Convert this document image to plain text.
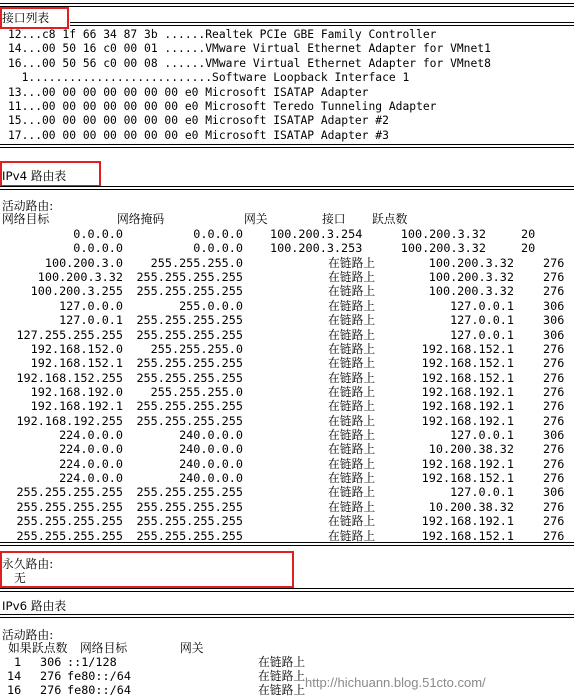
接口列表
12...c8 1f 66 34 87 3b ......Realtek PCIe GBE Family Controller
14...00 50 16 c0 00 01 ......VMware Virtual Ethernet Adapter for VMnet1
16...00 50 56 c0 00 08 ......VMware Virtual Ethernet Adapter for VMnet8
1...........................Software Loopback Interface 1
13...00 00 00 00 00 00 00 e0 Microsoft ISATAP Adapter
11...00 00 00 00 00 00 00 e0 Microsoft Teredo Tunneling Adapter
15...00 00 00 00 00 00 00 e0 Microsoft ISATAP Adapter #2
17...00 00 00 00 00 00 00 e0 Microsoft ISATAP Adapter #3
IPv4 路由表
活动路由:
网络目标	网络掩码	网关	接口 跃点数
0.0.0.0	0.0.0.0 100.200.3.254	100.200.3.32	20
0.0.0.0	0.0.0.0 100.200.3.253	100.200.3.32	20
100.200.3.0 255.255.255.0	在链路上	100.200.3.32 276
100.200.3.32 255.255.255.255	在链路上	100.200.3.32 276
100.200.3.255 255.255.255.255	在链路上	100.200.3.32 276
127.0.0.0	255.0.0.0	在链路上	127.0.0.1 306
127.0.0.1 255.255.255.255	在链路上	127.0.0.1 306
127.255.255.255 255.255.255.255	在链路上	127.0.0.1 306
192.168.152.0 255.255.255.0	在链路上	192.168.152.1 276
192.168.152.1 255.255.255.255	在链路上	192.168.152.1 276
192.168.152.255 255.255.255.255	在链路上	192.168.152.1 276
192.168.192.0 255.255.255.0	在链路上	192.168.192.1 276
192.168.192.1 255.255.255.255	在链路上	192.168.192.1 276
192.168.192.255 255.255.255.255	在链路上	192.168.192.1 276
224.0.0.0	240.0.0.0	在链路上	127.0.0.1 306
224.0.0.0	240.0.0.0	在链路上	10.200.38.32 276
224.0.0.0	240.0.0.0	在链路上	192.168.192.1 276
224.0.0.0	240.0.0.0	在链路上	192.168.152.1 276
255.255.255.255 255.255.255.255	在链路上	127.0.0.1 306
255.255.255.255 255.255.255.255	在链路上	10.200.38.32 276
255.255.255.255 255.255.255.255	在链路上	192.168.192.1 276
255.255.255.255 255.255.255.255	在链路上	192.168.152.1 276
永久路由:
无
IPv6 路由表
活动路由:
如果 跃点数 网络目标	网关
1 306 ::1/128	在链路上
14 276 fe80::/64	在链路上
16 276 fe80::/64	在链路上 http://hichuann.blog.51cto.com/
